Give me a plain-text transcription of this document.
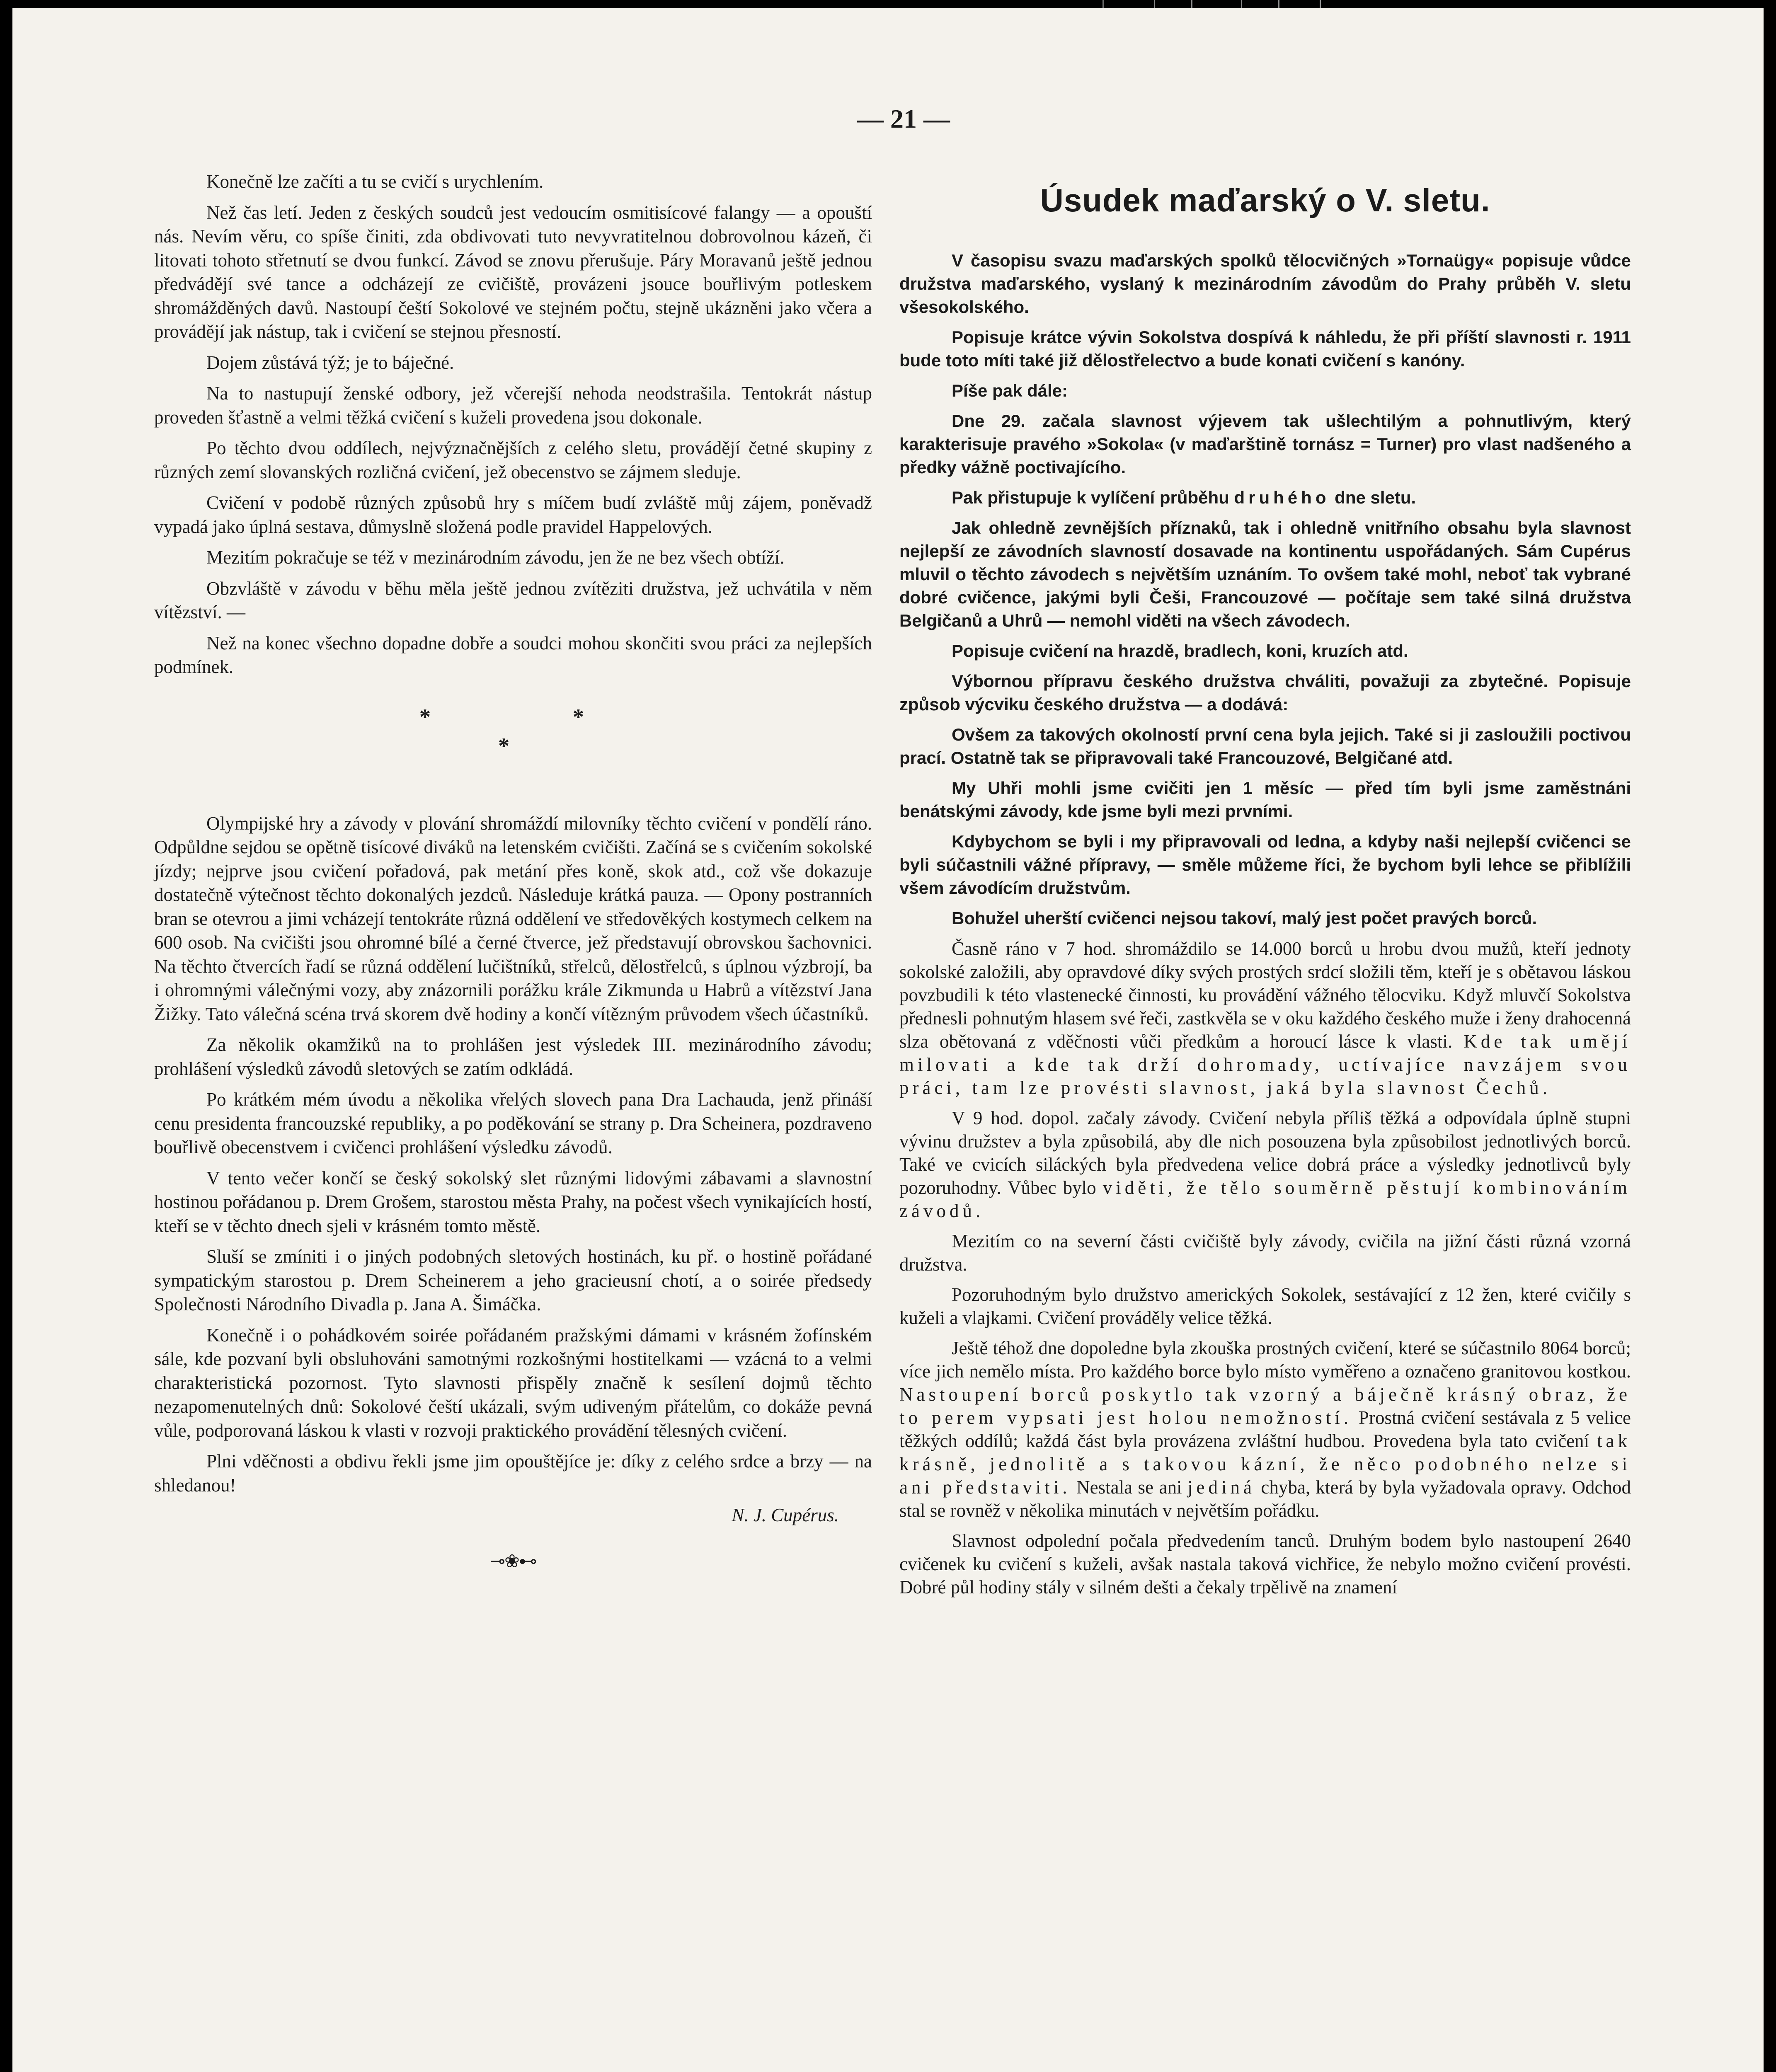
— 21 —

Konečně lze začíti a tu se cvičí s urychlením.

Než čas letí. Jeden z českých soudců jest vedoucím osmitisícové falangy — a opouští nás. Nevím věru, co spíše činiti, zda obdivovati tuto nevyvratitelnou dobrovolnou kázeň, či litovati tohoto střetnutí se dvou funkcí. Závod se znovu přerušuje. Páry Moravanů ještě jednou předvádějí své tance a odcházejí ze cvičiště, provázeni jsouce bouřlivým potleskem shromážděných davů. Nastoupí čeští Sokolové ve stejném počtu, stejně ukázněni jako včera a provádějí jak nástup, tak i cvičení se stejnou přesností.

Dojem zůstává týž; je to báječné.

Na to nastupují ženské odbory, jež včerejší nehoda neodstrašila. Tentokrát nástup proveden šťastně a velmi těžká cvičení s kuželi provedena jsou dokonale.

Po těchto dvou oddílech, nejvýznačnějších z celého sletu, provádějí četné skupiny z různých zemí slovanských rozličná cvičení, jež obecenstvo se zájmem sleduje.

Cvičení v podobě různých způsobů hry s míčem budí zvláště můj zájem, poněvadž vypadá jako úplná sestava, důmyslně složená podle pravidel Happelových.

Mezitím pokračuje se též v mezinárodním závodu, jen že ne bez všech obtíží.

Obzvláště v závodu v běhu měla ještě jednou zvítěziti družstva, jež uchvátila v něm vítězství. —

Než na konec všechno dopadne dobře a soudci mohou skončiti svou práci za nejlepších podmínek.

*	*
*

Olympijské hry a závody v plování shromáždí milovníky těchto cvičení v pondělí ráno. Odpůldne sejdou se opětně tisícové diváků na letenském cvičišti. Začíná se s cvičením sokolské jízdy; nejprve jsou cvičení pořadová, pak metání přes koně, skok atd., což vše dokazuje dostatečně výtečnost těchto dokonalých jezdců. Následuje krátká pauza. — Opony postranních bran se otevrou a jimi vcházejí tentokráte různá oddělení ve středověkých kostymech celkem na 600 osob. Na cvičišti jsou ohromné bílé a černé čtverce, jež představují obrovskou šachovnici. Na těchto čtvercích řadí se různá oddělení lučištníků, střelců, dělostřelců, s úplnou výzbrojí, ba i ohromnými válečnými vozy, aby znázornili porážku krále Zikmunda u Habrů a vítězství Jana Žižky. Tato válečná scéna trvá skorem dvě hodiny a končí vítězným průvodem všech účastníků.

Za několik okamžiků na to prohlášen jest výsledek III. mezinárodního závodu; prohlášení výsledků závodů sletových se zatím odkládá.

Po krátkém mém úvodu a několika vřelých slovech pana Dra Lachauda, jenž přináší cenu presidenta francouzské republiky, a po poděkování se strany p. Dra Scheinera, pozdraveno bouřlivě obecenstvem i cvičenci prohlášení výsledku závodů.

V tento večer končí se český sokolský slet různými lidovými zábavami a slavnostní hostinou pořádanou p. Drem Grošem, starostou města Prahy, na počest všech vynikajících hostí, kteří se v těchto dnech sjeli v krásném tomto městě.

Sluší se zmíniti i o jiných podobných sletových hostinách, ku př. o hostině pořádané sympatickým starostou p. Drem Scheinerem a jeho gracieusní chotí, a o soirée předsedy Společnosti Národního Divadla p. Jana A. Šimáčka.

Konečně i o pohádkovém soirée pořádaném pražskými dámami v krásném žofínském sále, kde pozvaní byli obsluhováni samotnými rozkošnými hostitelkami — vzácná to a velmi charakteristická pozornost. Tyto slavnosti přispěly značně k sesílení dojmů těchto nezapomenutelných dnů: Sokolové čeští ukázali, svým udiveným přátelům, co dokáže pevná vůle, podporovaná láskou k vlasti v rozvoji praktického provádění tělesných cvičení.

Plni vděčnosti a obdivu řekli jsme jim opouštějíce je: díky z celého srdce a brzy — na shledanou!

N. J. Cupérus.
⊸❀⊷
Úsudek maďarský o V. sletu.

V časopisu svazu maďarských spolků tělocvičných »Tornaügy« popisuje vůdce družstva maďarského, vyslaný k mezinárodním závodům do Prahy průběh V. sletu všesokolského.

Popisuje krátce vývin Sokolstva dospívá k náhledu, že při příští slavnosti r. 1911 bude toto míti také již dělostřelectvo a bude konati cvičení s kanóny.

Píše pak dále:

Dne 29. začala slavnost výjevem tak ušlechtilým a pohnutlivým, který karakterisuje pravého »Sokola« (v maďarštině tornász = Turner) pro vlast nadšeného a předky vážně poctivajícího.

Pak přistupuje k vylíčení průběhu druhého dne sletu.

Jak ohledně zevnějších příznaků, tak i ohledně vnitřního obsahu byla slavnost nejlepší ze závodních slavností dosavade na kontinentu uspořádaných. Sám Cupérus mluvil o těchto závodech s největším uznáním. To ovšem také mohl, neboť tak vybrané dobré cvičence, jakými byli Češi, Francouzové — počítaje sem také silná družstva Belgičanů a Uhrů — nemohl viděti na všech závodech.

Popisuje cvičení na hrazdě, bradlech, koni, kruzích atd.

Výbornou přípravu českého družstva chváliti, považuji za zbytečné. Popisuje způsob výcviku českého družstva — a dodává:

Ovšem za takových okolností první cena byla jejich. Také si ji zasloužili poctivou prací. Ostatně tak se připravovali také Francouzové, Belgičané atd.

My Uhři mohli jsme cvičiti jen 1 měsíc — před tím byli jsme zaměstnáni benátskými závody, kde jsme byli mezi prvními.

Kdybychom se byli i my připravovali od ledna, a kdyby naši nejlepší cvičenci se byli súčastnili vážné přípravy, — směle můžeme říci, že bychom byli lehce se přiblížili všem závodícím družstvům.

Bohužel uherští cvičenci nejsou takoví, malý jest počet pravých borců.

Časně ráno v 7 hod. shromáždilo se 14.000 borců u hrobu dvou mužů, kteří jednoty sokolské založili, aby opravdové díky svých prostých srdcí složili těm, kteří je s obětavou láskou povzbudili k této vlastenecké činnosti, ku provádění vážného tělocviku. Když mluvčí Sokolstva přednesli pohnutým hlasem své řeči, zastkvěla se v oku každého českého muže i ženy drahocenná slza obětovaná z vděčnosti vůči předkům a horoucí lásce k vlasti. Kde tak umějí milovati a kde tak drží dohromady, uctívajíce navzájem svou práci, tam lze provésti slavnost, jaká byla slavnost Čechů.

V 9 hod. dopol. začaly závody. Cvičení nebyla příliš těžká a odpovídala úplně stupni vývinu družstev a byla způsobilá, aby dle nich posouzena byla způsobilost jednotlivých borců. Také ve cvicích siláckých byla předvedena velice dobrá práce a výsledky jednotlivců byly pozoruhodny. Vůbec bylo viděti, že tělo souměrně pěstují kombinováním závodů.

Mezitím co na severní části cvičiště byly závody, cvičila na jižní části různá vzorná družstva.

Pozoruhodným bylo družstvo amerických Sokolek, sestávající z 12 žen, které cvičily s kuželi a vlajkami. Cvičení prováděly velice těžká.

Ještě téhož dne dopoledne byla zkouška prostných cvičení, které se súčastnilo 8064 borců; více jich nemělo místa. Pro každého borce bylo místo vyměřeno a označeno granitovou kostkou. Nastoupení borců poskytlo tak vzorný a báječně krásný obraz, že to perem vypsati jest holou nemožností. Prostná cvičení sestávala z 5 velice těžkých oddílů; každá část byla provázena zvláštní hudbou. Provedena byla tato cvičení tak krásně, jednolitě a s takovou kázní, že něco podobného nelze si ani představiti. Nestala se ani jediná chyba, která by byla vyžadovala opravy. Odchod stal se rovněž v několika minutách v největším pořádku.

Slavnost odpolední počala předvedením tanců. Druhým bodem bylo nastoupení 2640 cvičenek ku cvičení s kuželi, avšak nastala taková vichřice, že nebylo možno cvičení provésti. Dobré půl hodiny stály v silném dešti a čekaly trpělivě na znamení
